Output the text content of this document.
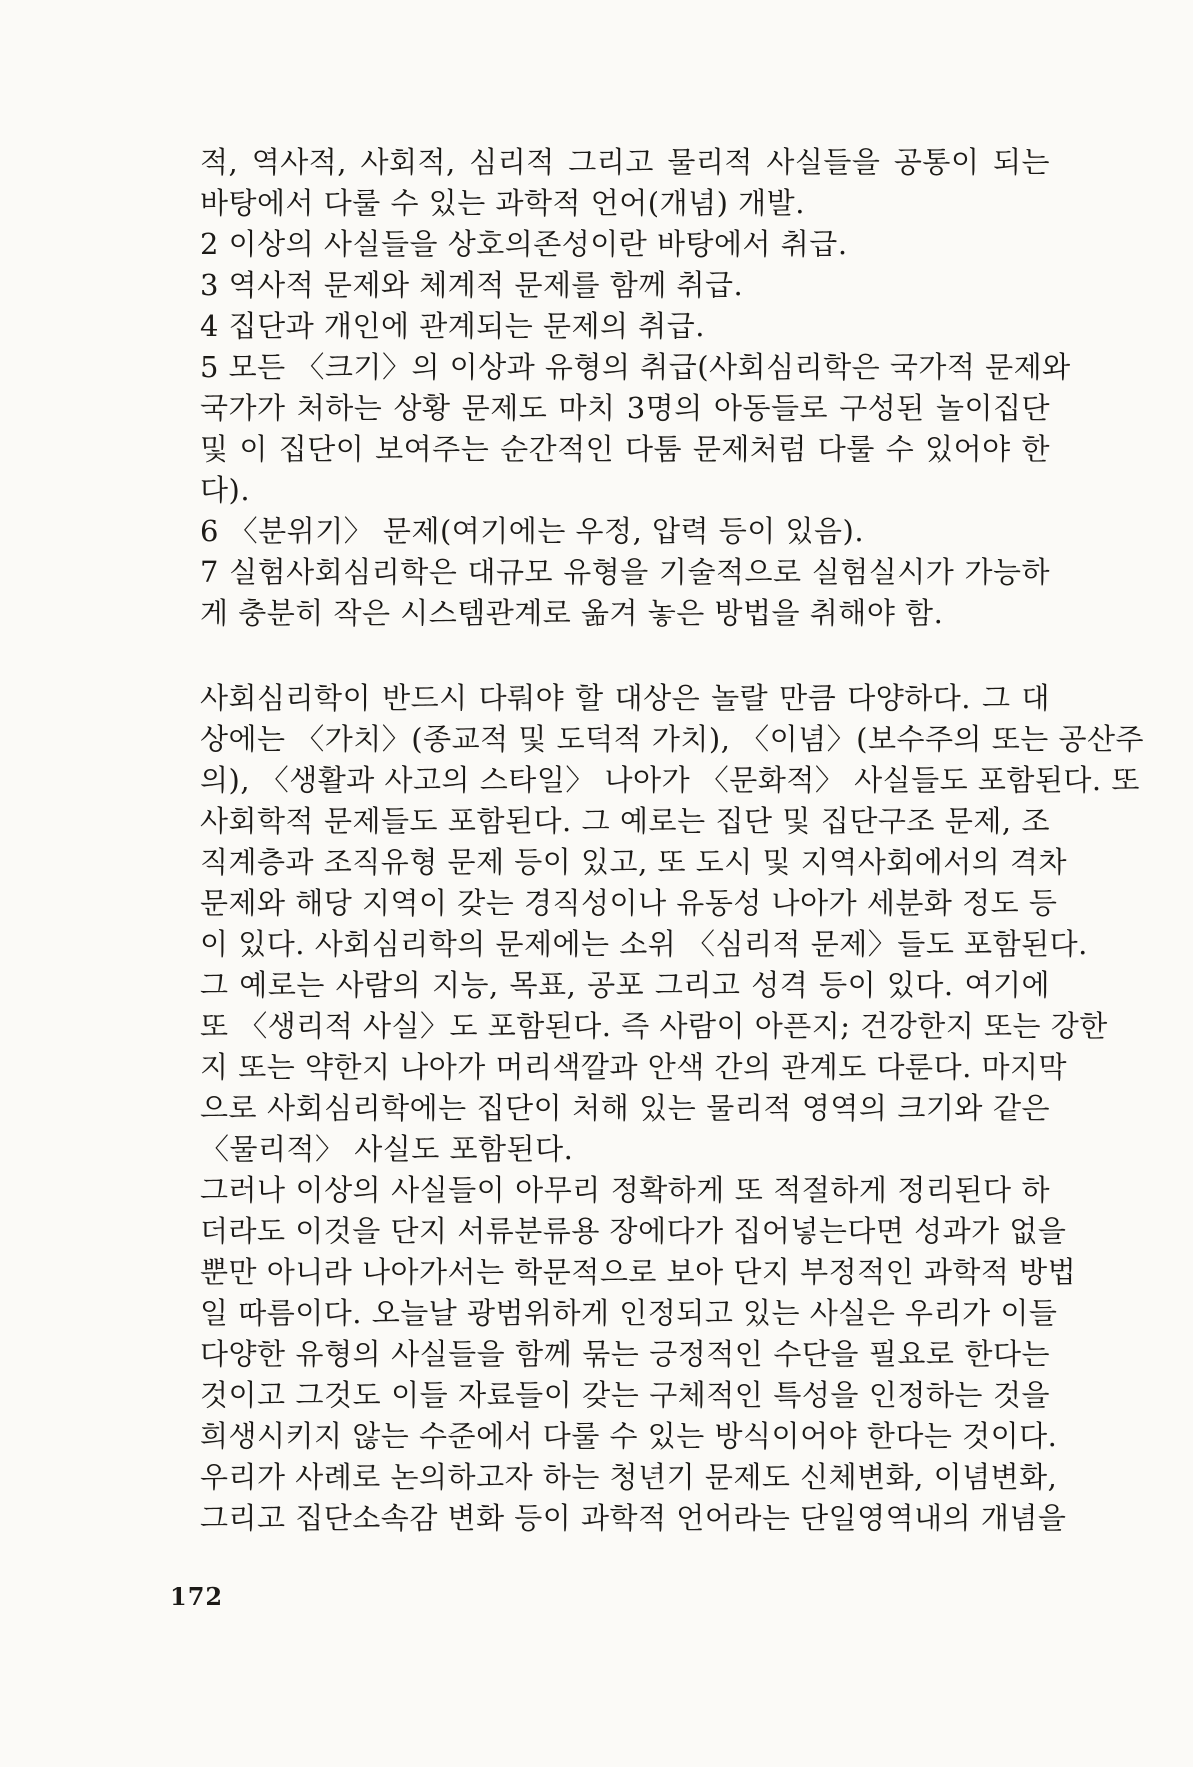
적, 역사적, 사회적, 심리적 그리고 물리적 사실들을 공통이 되는
바탕에서 다룰 수 있는 과학적 언어(개념) 개발.
2 이상의 사실들을 상호의존성이란 바탕에서 취급.
3 역사적 문제와 체계적 문제를 함께 취급.
4 집단과 개인에 관계되는 문제의 취급.
5 모든 〈크기〉의 이상과 유형의 취급(사회심리학은 국가적 문제와
국가가 처하는 상황 문제도 마치 3명의 아동들로 구성된 놀이집단
및 이 집단이 보여주는 순간적인 다툼 문제처럼 다룰 수 있어야 한
다).
6 〈분위기〉 문제(여기에는 우정, 압력 등이 있음).
7 실험사회심리학은 대규모 유형을 기술적으로 실험실시가 가능하
게 충분히 작은 시스템관계로 옮겨 놓은 방법을 취해야 함.
사회심리학이 반드시 다뤄야 할 대상은 놀랄 만큼 다양하다. 그 대
상에는 〈가치〉(종교적 및 도덕적 가치), 〈이념〉(보수주의 또는 공산주
의), 〈생활과 사고의 스타일〉 나아가 〈문화적〉 사실들도 포함된다. 또
사회학적 문제들도 포함된다. 그 예로는 집단 및 집단구조 문제, 조
직계층과 조직유형 문제 등이 있고, 또 도시 및 지역사회에서의 격차
문제와 해당 지역이 갖는 경직성이나 유동성 나아가 세분화 정도 등
이 있다. 사회심리학의 문제에는 소위 〈심리적 문제〉들도 포함된다.
그 예로는 사람의 지능, 목표, 공포 그리고 성격 등이 있다. 여기에
또 〈생리적 사실〉도 포함된다. 즉 사람이 아픈지; 건강한지 또는 강한
지 또는 약한지 나아가 머리색깔과 안색 간의 관계도 다룬다. 마지막
으로 사회심리학에는 집단이 처해 있는 물리적 영역의 크기와 같은
〈물리적〉 사실도 포함된다.
그러나 이상의 사실들이 아무리 정확하게 또 적절하게 정리된다 하
더라도 이것을 단지 서류분류용 장에다가 집어넣는다면 성과가 없을
뿐만 아니라 나아가서는 학문적으로 보아 단지 부정적인 과학적 방법
일 따름이다. 오늘날 광범위하게 인정되고 있는 사실은 우리가 이들
다양한 유형의 사실들을 함께 묶는 긍정적인 수단을 필요로 한다는
것이고 그것도 이들 자료들이 갖는 구체적인 특성을 인정하는 것을
희생시키지 않는 수준에서 다룰 수 있는 방식이어야 한다는 것이다.
우리가 사례로 논의하고자 하는 청년기 문제도 신체변화, 이념변화,
그리고 집단소속감 변화 등이 과학적 언어라는 단일영역내의 개념을
172
